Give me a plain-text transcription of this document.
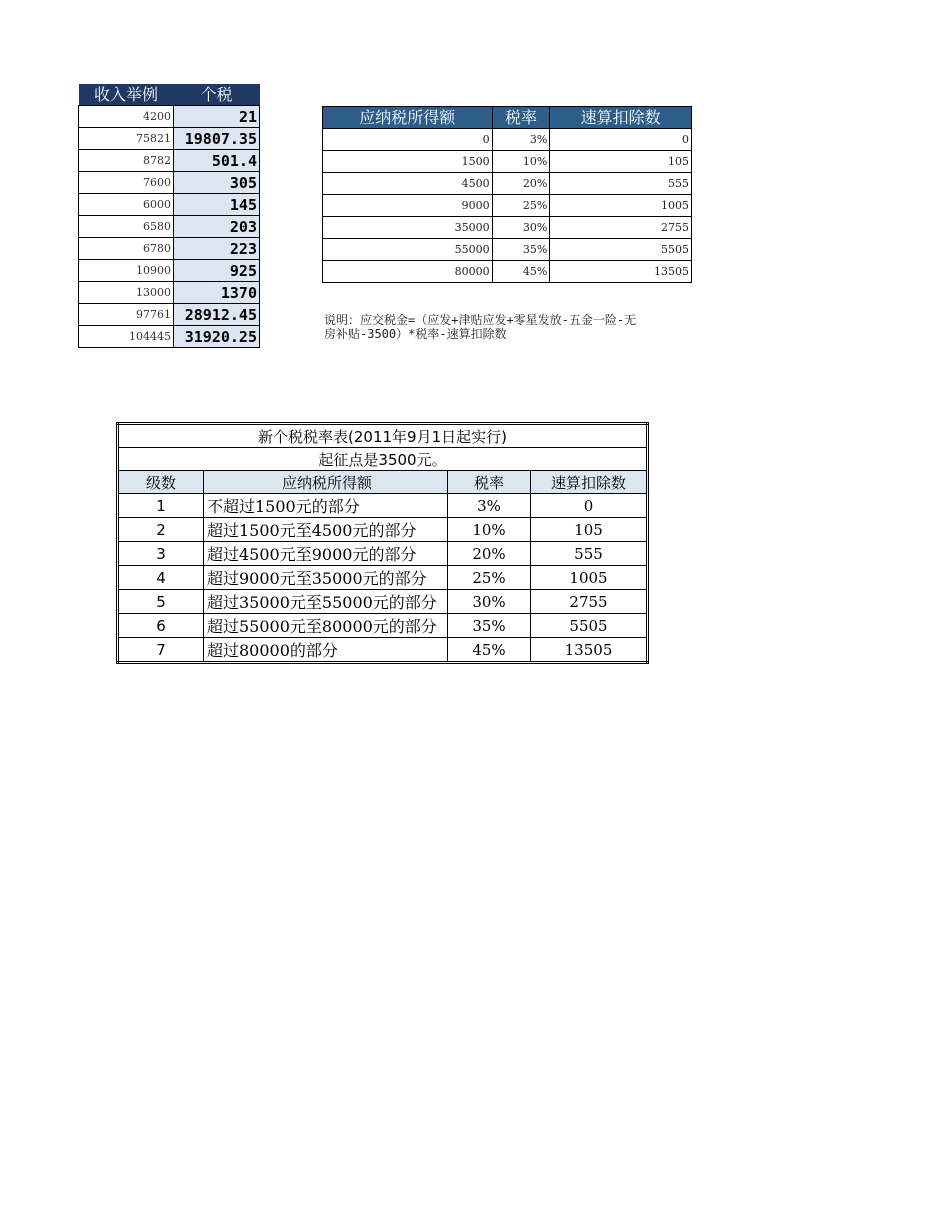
收入举例	个税
4200	21
75821	19807.35
8782	501.4
7600	305
6000	145
6580	203
6780	223
10900	925
13000	1370
97761	28912.45
104445	31920.25
应纳税所得额	税率	速算扣除数
0	3%	0
1500	10%	105
4500	20%	555
9000	25%	1005
35000	30%	2755
55000	35%	5505
80000	45%	13505
说明：应交税金=（应发+津贴应发+零星发放-五金一险-无
房补贴-3500）*税率-速算扣除数
新个税税率表(2011年9月1日起实行)			
起征点是3500元。			
级数	应纳税所得额	税率	速算扣除数
1	不超过1500元的部分	3%	0
2	超过1500元至4500元的部分	10%	105
3	超过4500元至9000元的部分	20%	555
4	超过9000元至35000元的部分	25%	1005
5	超过35000元至55000元的部分	30%	2755
6	超过55000元至80000元的部分	35%	5505
7	超过80000的部分	45%	13505
